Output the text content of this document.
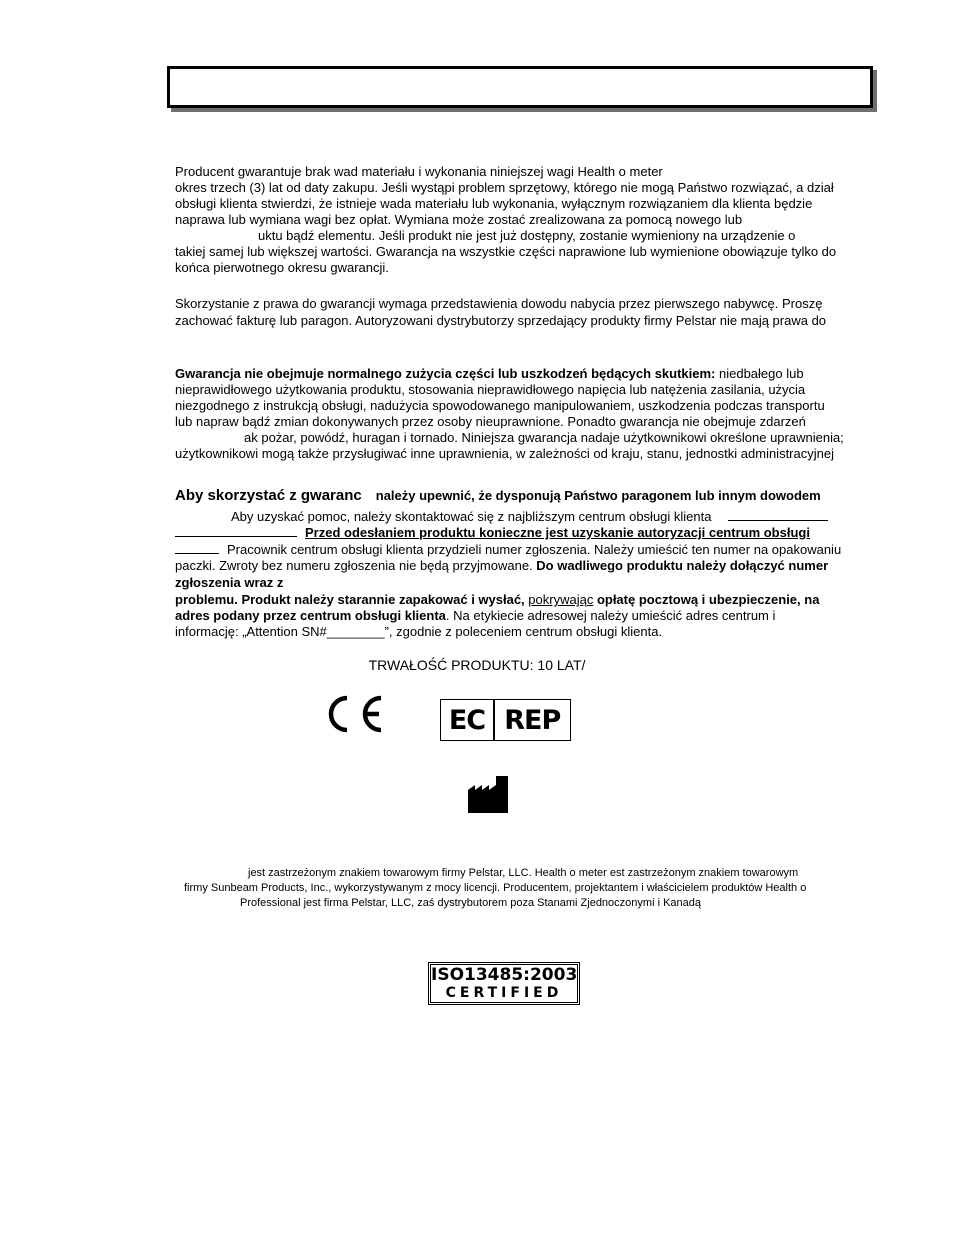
Producent gwarantuje brak wad materiału i wykonania niniejszej wagi Health o meter
okres trzech (3) lat od daty zakupu. Jeśli wystąpi problem sprzętowy, którego nie mogą Państwo rozwiązać, a dział
obsługi klienta stwierdzi, że istnieje wada materiału lub wykonania, wyłącznym rozwiązaniem dla klienta będzie
naprawa lub wymiana wagi bez opłat. Wymiana może zostać zrealizowana za pomocą nowego lub
uktu bądź elementu. Jeśli produkt nie jest już dostępny, zostanie wymieniony na urządzenie o
takiej samej lub większej wartości. Gwarancja na wszystkie części naprawione lub wymienione obowiązuje tylko do
końca pierwotnego okresu gwarancji.
Skorzystanie z prawa do gwarancji wymaga przedstawienia dowodu nabycia przez pierwszego nabywcę. Proszę
zachować fakturę lub paragon. Autoryzowani dystrybutorzy sprzedający produkty firmy Pelstar nie mają prawa do
Gwarancja nie obejmuje normalnego zużycia części lub uszkodzeń będących skutkiem: niedbałego lub
nieprawidłowego użytkowania produktu, stosowania nieprawidłowego napięcia lub natężenia zasilania, użycia
niezgodnego z instrukcją obsługi, nadużycia spowodowanego manipulowaniem, uszkodzenia podczas transportu
lub napraw bądź zmian dokonywanych przez osoby nieuprawnione. Ponadto gwarancja nie obejmuje zdarzeń
ak pożar, powódź, huragan i tornado. Niniejsza gwarancja nadaje użytkownikowi określone uprawnienia;
użytkownikowi mogą także przysługiwać inne uprawnienia, w zależności od kraju, stanu, jednostki administracyjnej
Aby skorzystać z gwaranc należy upewnić, że dysponują Państwo paragonem lub innym dowodem
Aby uzyskać pomoc, należy skontaktować się z najbliższym centrum obsługi klienta
Przed odesłaniem produktu konieczne jest uzyskanie autoryzacji centrum obsługi
Pracownik centrum obsługi klienta przydzieli numer zgłoszenia. Należy umieścić ten numer na opakowaniu
paczki. Zwroty bez numeru zgłoszenia nie będą przyjmowane. Do wadliwego produktu należy dołączyć numer
zgłoszenia wraz z
problemu. Produkt należy starannie zapakować i wysłać, pokrywając opłatę pocztową i ubezpieczenie, na
adres podany przez centrum obsługi klienta. Na etykiecie adresowej należy umieścić adres centrum i
informację: „Attention SN#________”, zgodnie z poleceniem centrum obsługi klienta.
TRWAŁOŚĆ PRODUKTU: 10 LAT/
EC REP
jest zastrzeżonym znakiem towarowym firmy Pelstar, LLC. Health o meter est zastrzeżonym znakiem towarowym
firmy Sunbeam Products, Inc., wykorzystywanym z mocy licencji. Producentem, projektantem i właścicielem produktów Health o
Professional jest firma Pelstar, LLC, zaś dystrybutorem poza Stanami Zjednoczonymi i Kanadą
ISO13485:2003
CERTIFIED
